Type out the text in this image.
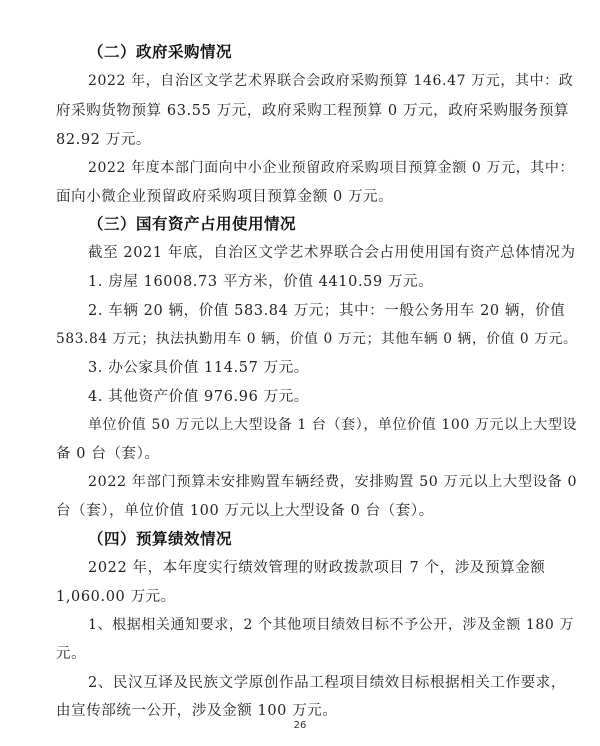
（二）政府采购情况
2022 年，自治区文学艺术界联合会政府采购预算 146.47 万元，其中：政
府采购货物预算 63.55 万元，政府采购工程预算 0 万元，政府采购服务预算
82.92 万元。
2022 年度本部门面向中小企业预留政府采购项目预算金额 0 万元，其中：
面向小微企业预留政府采购项目预算金额 0 万元。
（三）国有资产占用使用情况
截至 2021 年底，自治区文学艺术界联合会占用使用国有资产总体情况为
1. 房屋 16008.73 平方米，价值 4410.59 万元。
2. 车辆 20 辆，价值 583.84 万元；其中：一般公务用车 20 辆，价值
583.84 万元；执法执勤用车 0 辆，价值 0 万元；其他车辆 0 辆，价值 0 万元。
3. 办公家具价值 114.57 万元。
4. 其他资产价值 976.96 万元。
单位价值 50 万元以上大型设备 1 台（套），单位价值 100 万元以上大型设
备 0 台（套）。
2022 年部门预算未安排购置车辆经费，安排购置 50 万元以上大型设备 0
台（套），单位价值 100 万元以上大型设备 0 台（套）。
（四）预算绩效情况
2022 年，本年度实行绩效管理的财政拨款项目 7 个，涉及预算金额
1,060.00 万元。
1、根据相关通知要求，2 个其他项目绩效目标不予公开，涉及金额 180 万
元。
2、民汉互译及民族文学原创作品工程项目绩效目标根据相关工作要求，
由宣传部统一公开，涉及金额 100 万元。
26
